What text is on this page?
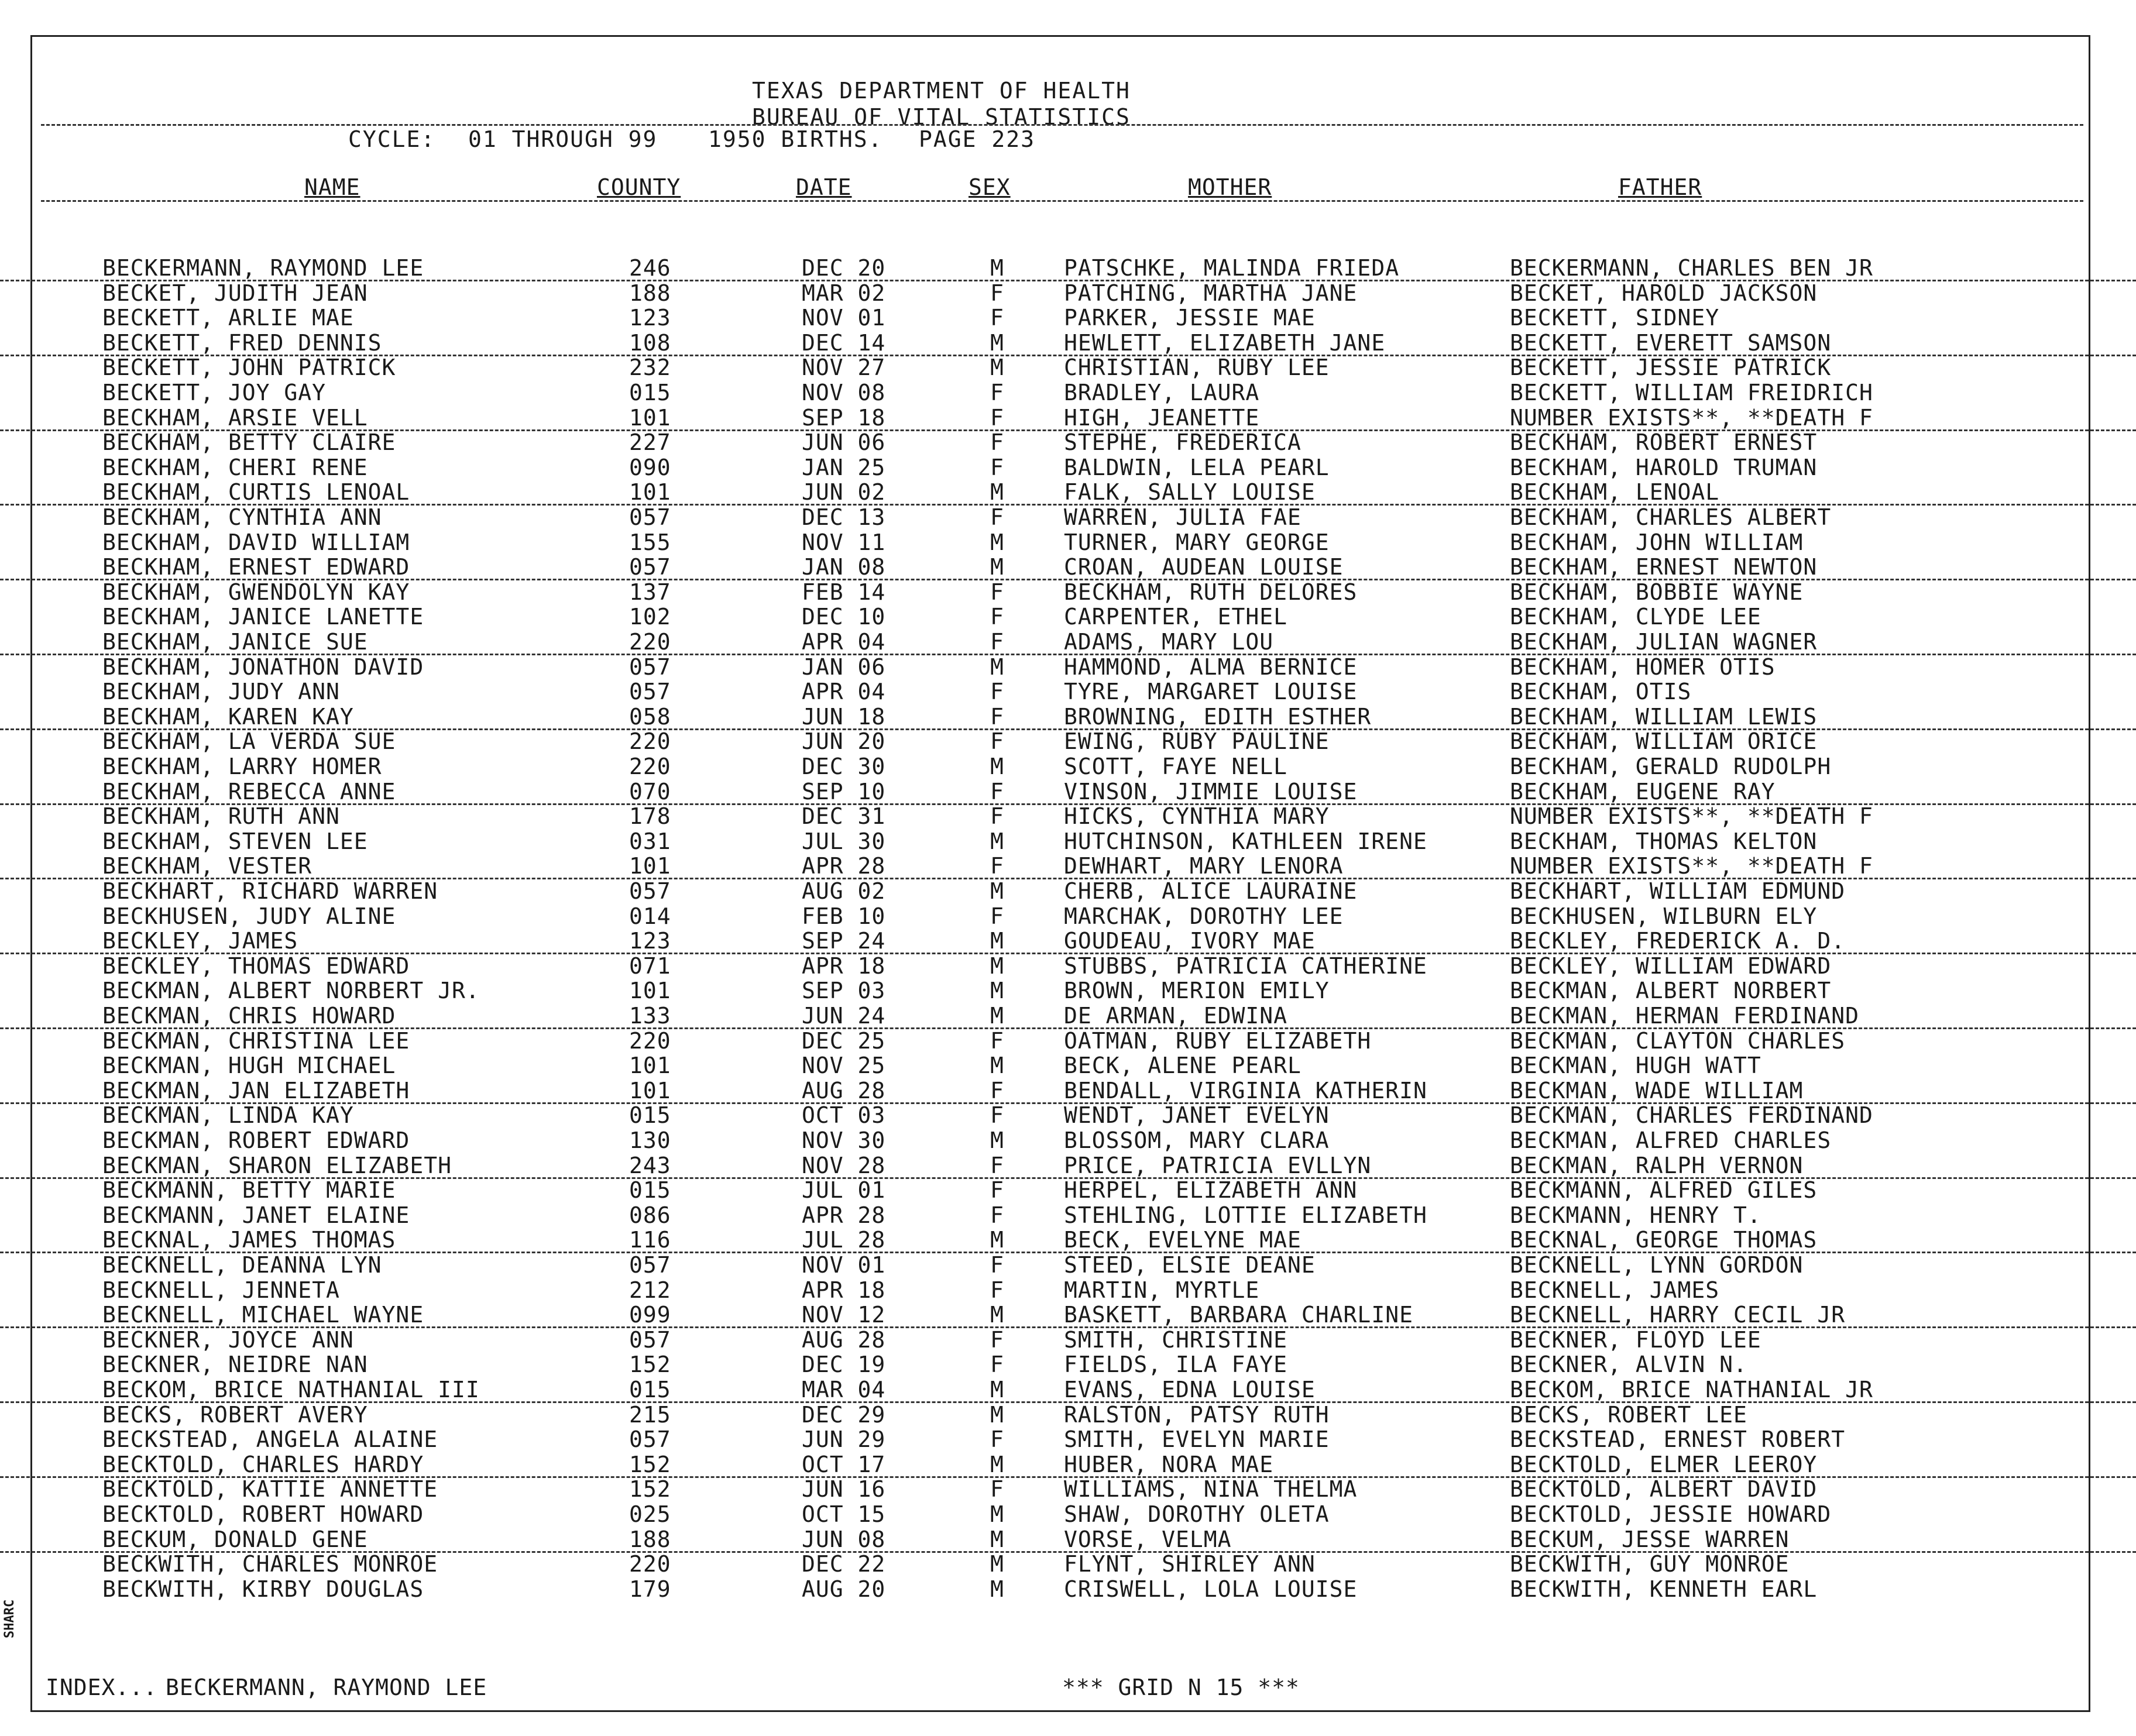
TEXAS DEPARTMENT OF HEALTH
BUREAU OF VITAL STATISTICS
CYCLE: 01 THROUGH 99 1950 BIRTHS. PAGE 223
NAME	COUNTY	DATE	SEX	MOTHER	FATHER
BECKERMANN, RAYMOND LEE	246	DEC 20	M	PATSCHKE, MALINDA FRIEDA	BECKERMANN, CHARLES BEN JR
BECKET, JUDITH JEAN	188	MAR 02	F	PATCHING, MARTHA JANE	BECKET, HAROLD JACKSON
BECKETT, ARLIE MAE	123	NOV 01	F	PARKER, JESSIE MAE	BECKETT, SIDNEY
BECKETT, FRED DENNIS	108	DEC 14	M	HEWLETT, ELIZABETH JANE	BECKETT, EVERETT SAMSON
BECKETT, JOHN PATRICK	232	NOV 27	M	CHRISTIAN, RUBY LEE	BECKETT, JESSIE PATRICK
BECKETT, JOY GAY	015	NOV 08	F	BRADLEY, LAURA	BECKETT, WILLIAM FREIDRICH
BECKHAM, ARSIE VELL	101	SEP 18	F	HIGH, JEANETTE	NUMBER EXISTS**, **DEATH F
BECKHAM, BETTY CLAIRE	227	JUN 06	F	STEPHE, FREDERICA	BECKHAM, ROBERT ERNEST
BECKHAM, CHERI RENE	090	JAN 25	F	BALDWIN, LELA PEARL	BECKHAM, HAROLD TRUMAN
BECKHAM, CURTIS LENOAL	101	JUN 02	M	FALK, SALLY LOUISE	BECKHAM, LENOAL
BECKHAM, CYNTHIA ANN	057	DEC 13	F	WARREN, JULIA FAE	BECKHAM, CHARLES ALBERT
BECKHAM, DAVID WILLIAM	155	NOV 11	M	TURNER, MARY GEORGE	BECKHAM, JOHN WILLIAM
BECKHAM, ERNEST EDWARD	057	JAN 08	M	CROAN, AUDEAN LOUISE	BECKHAM, ERNEST NEWTON
BECKHAM, GWENDOLYN KAY	137	FEB 14	F	BECKHAM, RUTH DELORES	BECKHAM, BOBBIE WAYNE
BECKHAM, JANICE LANETTE	102	DEC 10	F	CARPENTER, ETHEL	BECKHAM, CLYDE LEE
BECKHAM, JANICE SUE	220	APR 04	F	ADAMS, MARY LOU	BECKHAM, JULIAN WAGNER
BECKHAM, JONATHON DAVID	057	JAN 06	M	HAMMOND, ALMA BERNICE	BECKHAM, HOMER OTIS
BECKHAM, JUDY ANN	057	APR 04	F	TYRE, MARGARET LOUISE	BECKHAM, OTIS
BECKHAM, KAREN KAY	058	JUN 18	F	BROWNING, EDITH ESTHER	BECKHAM, WILLIAM LEWIS
BECKHAM, LA VERDA SUE	220	JUN 20	F	EWING, RUBY PAULINE	BECKHAM, WILLIAM ORICE
BECKHAM, LARRY HOMER	220	DEC 30	M	SCOTT, FAYE NELL	BECKHAM, GERALD RUDOLPH
BECKHAM, REBECCA ANNE	070	SEP 10	F	VINSON, JIMMIE LOUISE	BECKHAM, EUGENE RAY
BECKHAM, RUTH ANN	178	DEC 31	F	HICKS, CYNTHIA MARY	NUMBER EXISTS**, **DEATH F
BECKHAM, STEVEN LEE	031	JUL 30	M	HUTCHINSON, KATHLEEN IRENE	BECKHAM, THOMAS KELTON
BECKHAM, VESTER	101	APR 28	F	DEWHART, MARY LENORA	NUMBER EXISTS**, **DEATH F
BECKHART, RICHARD WARREN	057	AUG 02	M	CHERB, ALICE LAURAINE	BECKHART, WILLIAM EDMUND
BECKHUSEN, JUDY ALINE	014	FEB 10	F	MARCHAK, DOROTHY LEE	BECKHUSEN, WILBURN ELY
BECKLEY, JAMES	123	SEP 24	M	GOUDEAU, IVORY MAE	BECKLEY, FREDERICK A. D.
BECKLEY, THOMAS EDWARD	071	APR 18	M	STUBBS, PATRICIA CATHERINE	BECKLEY, WILLIAM EDWARD
BECKMAN, ALBERT NORBERT JR.	101	SEP 03	M	BROWN, MERION EMILY	BECKMAN, ALBERT NORBERT
BECKMAN, CHRIS HOWARD	133	JUN 24	M	DE ARMAN, EDWINA	BECKMAN, HERMAN FERDINAND
BECKMAN, CHRISTINA LEE	220	DEC 25	F	OATMAN, RUBY ELIZABETH	BECKMAN, CLAYTON CHARLES
BECKMAN, HUGH MICHAEL	101	NOV 25	M	BECK, ALENE PEARL	BECKMAN, HUGH WATT
BECKMAN, JAN ELIZABETH	101	AUG 28	F	BENDALL, VIRGINIA KATHERIN	BECKMAN, WADE WILLIAM
BECKMAN, LINDA KAY	015	OCT 03	F	WENDT, JANET EVELYN	BECKMAN, CHARLES FERDINAND
BECKMAN, ROBERT EDWARD	130	NOV 30	M	BLOSSOM, MARY CLARA	BECKMAN, ALFRED CHARLES
BECKMAN, SHARON ELIZABETH	243	NOV 28	F	PRICE, PATRICIA EVLLYN	BECKMAN, RALPH VERNON
BECKMANN, BETTY MARIE	015	JUL 01	F	HERPEL, ELIZABETH ANN	BECKMANN, ALFRED GILES
BECKMANN, JANET ELAINE	086	APR 28	F	STEHLING, LOTTIE ELIZABETH	BECKMANN, HENRY T.
BECKNAL, JAMES THOMAS	116	JUL 28	M	BECK, EVELYNE MAE	BECKNAL, GEORGE THOMAS
BECKNELL, DEANNA LYN	057	NOV 01	F	STEED, ELSIE DEANE	BECKNELL, LYNN GORDON
BECKNELL, JENNETA	212	APR 18	F	MARTIN, MYRTLE	BECKNELL, JAMES
BECKNELL, MICHAEL WAYNE	099	NOV 12	M	BASKETT, BARBARA CHARLINE	BECKNELL, HARRY CECIL JR
BECKNER, JOYCE ANN	057	AUG 28	F	SMITH, CHRISTINE	BECKNER, FLOYD LEE
BECKNER, NEIDRE NAN	152	DEC 19	F	FIELDS, ILA FAYE	BECKNER, ALVIN N.
BECKOM, BRICE NATHANIAL III	015	MAR 04	M	EVANS, EDNA LOUISE	BECKOM, BRICE NATHANIAL JR
BECKS, ROBERT AVERY	215	DEC 29	M	RALSTON, PATSY RUTH	BECKS, ROBERT LEE
BECKSTEAD, ANGELA ALAINE	057	JUN 29	F	SMITH, EVELYN MARIE	BECKSTEAD, ERNEST ROBERT
BECKTOLD, CHARLES HARDY	152	OCT 17	M	HUBER, NORA MAE	BECKTOLD, ELMER LEEROY
BECKTOLD, KATTIE ANNETTE	152	JUN 16	F	WILLIAMS, NINA THELMA	BECKTOLD, ALBERT DAVID
BECKTOLD, ROBERT HOWARD	025	OCT 15	M	SHAW, DOROTHY OLETA	BECKTOLD, JESSIE HOWARD
BECKUM, DONALD GENE	188	JUN 08	M	VORSE, VELMA	BECKUM, JESSE WARREN
BECKWITH, CHARLES MONROE	220	DEC 22	M	FLYNT, SHIRLEY ANN	BECKWITH, GUY MONROE
BECKWITH, KIRBY DOUGLAS	179	AUG 20	M	CRISWELL, LOLA LOUISE	BECKWITH, KENNETH EARL
INDEX... BECKERMANN, RAYMOND LEE	*** GRID N 15 ***
SHARC
